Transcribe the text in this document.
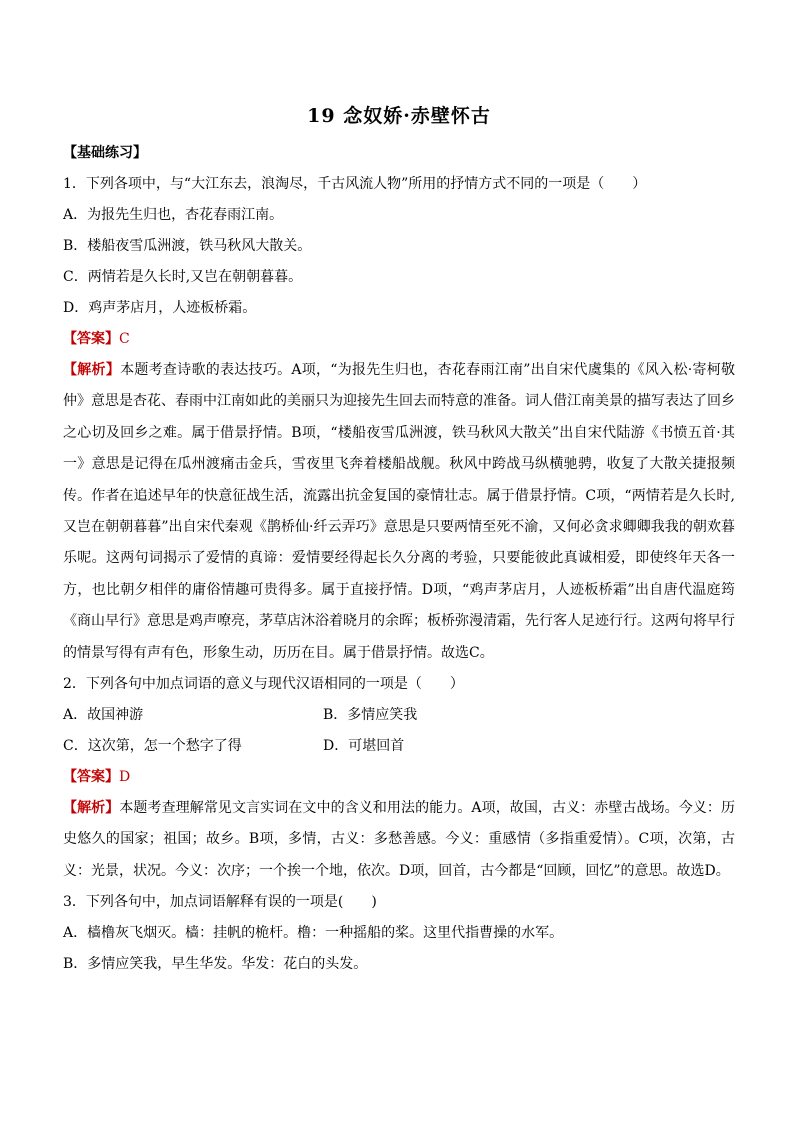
19 念奴娇·赤壁怀古
【基础练习】
1．下列各项中，与“大江东去，浪淘尽，千古风流人物”所用的抒情方式不同的一项是（　　）
A．为报先生归也，杏花春雨江南。
B．楼船夜雪瓜洲渡，铁马秋风大散关。
C．两情若是久长时,又岂在朝朝暮暮。
D．鸡声茅店月，人迹板桥霜。
【答案】C
【解析】本题考查诗歌的表达技巧。A项，“为报先生归也，杏花春雨江南”出自宋代虞集的《风入松·寄柯敬仲》意思是杏花、春雨中江南如此的美丽只为迎接先生回去而特意的准备。词人借江南美景的描写表达了回乡之心切及回乡之难。属于借景抒情。B项，“楼船夜雪瓜洲渡，铁马秋风大散关”出自宋代陆游《书愤五首·其一》意思是记得在瓜州渡痛击金兵，雪夜里飞奔着楼船战舰。秋风中跨战马纵横驰骋，收复了大散关捷报频传。作者在追述早年的快意征战生活，流露出抗金复国的豪情壮志。属于借景抒情。C项，“两情若是久长时,又岂在朝朝暮暮”出自宋代秦观《鹊桥仙·纤云弄巧》意思是只要两情至死不渝，又何必贪求卿卿我我的朝欢暮乐呢。这两句词揭示了爱情的真谛：爱情要经得起长久分离的考验，只要能彼此真诚相爱，即使终年天各一方，也比朝夕相伴的庸俗情趣可贵得多。属于直接抒情。D项，“鸡声茅店月，人迹板桥霜”出自唐代温庭筠《商山早行》意思是鸡声嘹亮，茅草店沐浴着晓月的余晖；板桥弥漫清霜，先行客人足迹行行。这两句将早行的情景写得有声有色，形象生动，历历在目。属于借景抒情。故选C。
2．下列各句中加点词语的意义与现代汉语相同的一项是（　　）
A．故国神游	B．多情应笑我
C．这次第，怎一个愁字了得	D．可堪回首
【答案】D
【解析】本题考查理解常见文言实词在文中的含义和用法的能力。A项，故国，古义：赤壁古战场。今义：历史悠久的国家；祖国；故乡。B项，多情，古义：多愁善感。今义：重感情（多指重爱情）。C项，次第，古义：光景，状况。今义：次序；一个挨一个地，依次。D项，回首，古今都是“回顾，回忆”的意思。故选D。
3．下列各句中，加点词语解释有误的一项是(　　)
A．樯橹灰飞烟灭。樯：挂帆的桅杆。橹：一种摇船的桨。这里代指曹操的水军。
B．多情应笑我，早生华发。华发：花白的头发。
